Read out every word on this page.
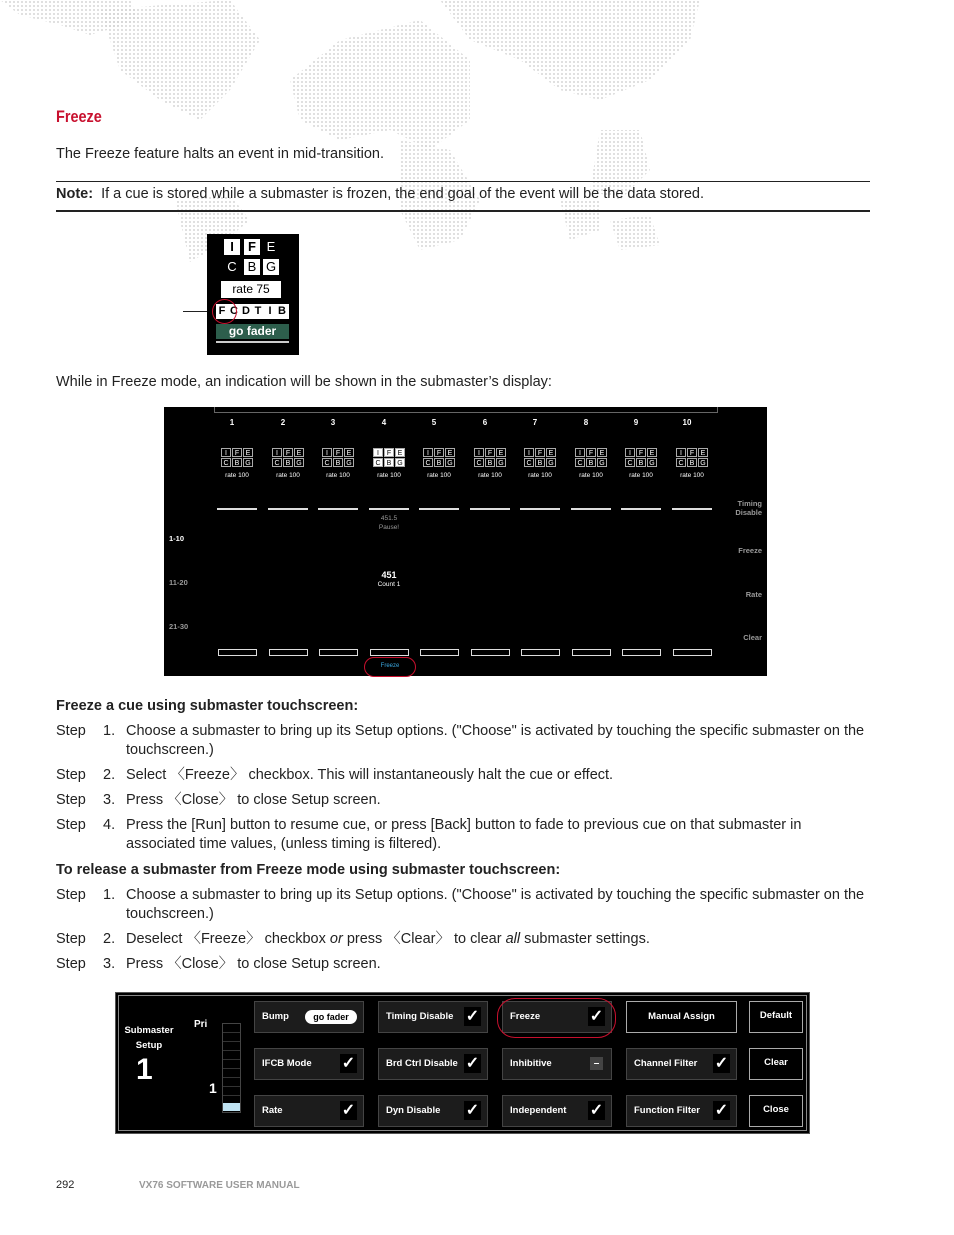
Freeze
The Freeze feature halts an event in mid-transition.
Note: If a cue is stored while a submaster is frozen, the end goal of the event will be the data stored.
I	F E
C B G
rate 75
F C D T I B
go fader
While in Freeze mode, an indication will be shown in the submaster’s display:
1-10
11-20
21-30
Timing Disable
Freeze
Rate
Clear
451.5
Pause!
451
Count 1
Freeze
1
I	F E
C B G
rate 100
2
I	F E
C B G
rate 100
3
I	F E
C B G
rate 100
4
I	F E
C B G
rate 100
5
I	F E
C B G
rate 100
6
I	F E
C B G
rate 100
7
I	F E
C B G
rate 100
8
I	F E
C B G
rate 100
9
I	F E
C B G
rate 100
10
I	F E
C B G
rate 100
Freeze a cue using submaster touchscreen:
Step 1. Choose a submaster to bring up its Setup options. ("Choose" is activated by touching the specific submaster on the touchscreen.)
Step 2. Select 〈Freeze〉 checkbox. This will instantaneously halt the cue or effect.
Step 3. Press 〈Close〉 to close Setup screen.
Step 4. Press the [Run] button to resume cue, or press [Back] button to fade to previous cue on that submaster in associated time values, (unless timing is filtered).
To release a submaster from Freeze mode using submaster touchscreen:
Step 1. Choose a submaster to bring up its Setup options. ("Choose" is activated by touching the specific submaster on the touchscreen.)
Step 2. Deselect 〈Freeze〉 checkbox or press 〈Clear〉 to clear all submaster settings.
Step 3. Press 〈Close〉 to close Setup screen.
Submaster
Setup
1
Pri
1
Bump	go fader	Timing Disable ✓	Freeze	✓	Manual Assign	Default
IFCB Mode ✓	Brd Ctrl Disable ✓	Inhibitive	–	Channel Filter ✓	Clear
Rate	✓	Dyn Disable ✓	Independent ✓	Function Filter ✓	Close
292	VX76 SOFTWARE USER MANUAL
